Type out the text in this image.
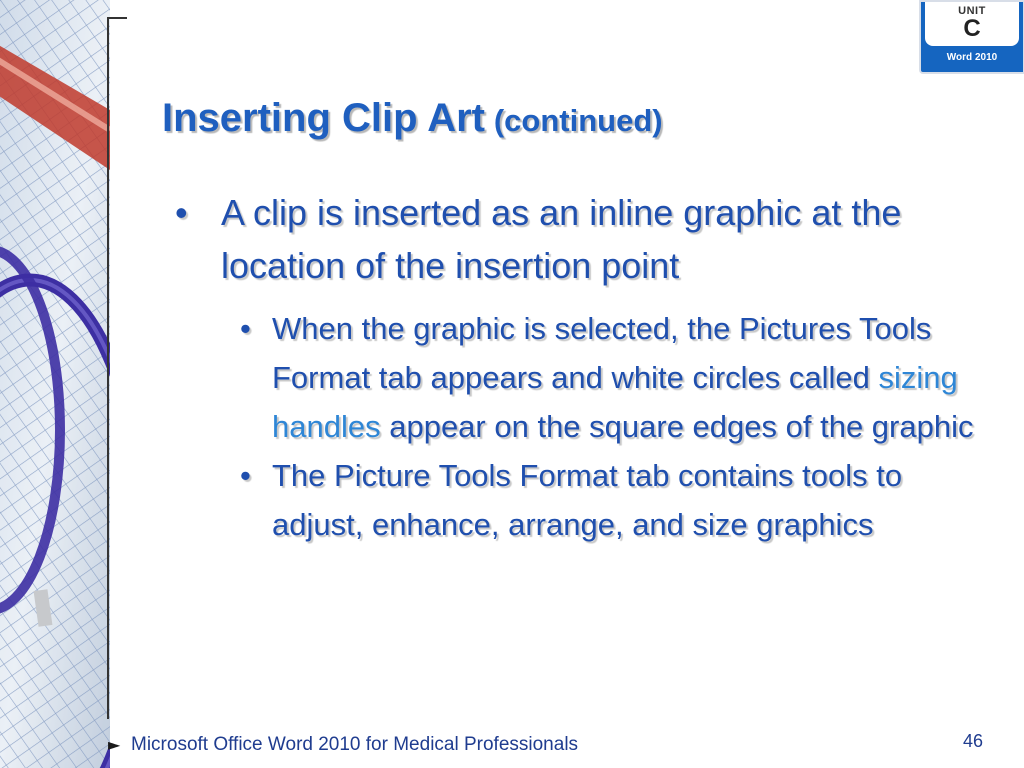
UNIT
C
Word 2010
Inserting Clip Art (continued)
• A clip is inserted as an inline graphic at the location of the insertion point
• When the graphic is selected, the Pictures Tools Format tab appears and white circles called sizing handles appear on the square edges of the graphic
• The Picture Tools Format tab contains tools to adjust, enhance, arrange, and size graphics
► Microsoft Office Word 2010 for Medical Professionals	46
